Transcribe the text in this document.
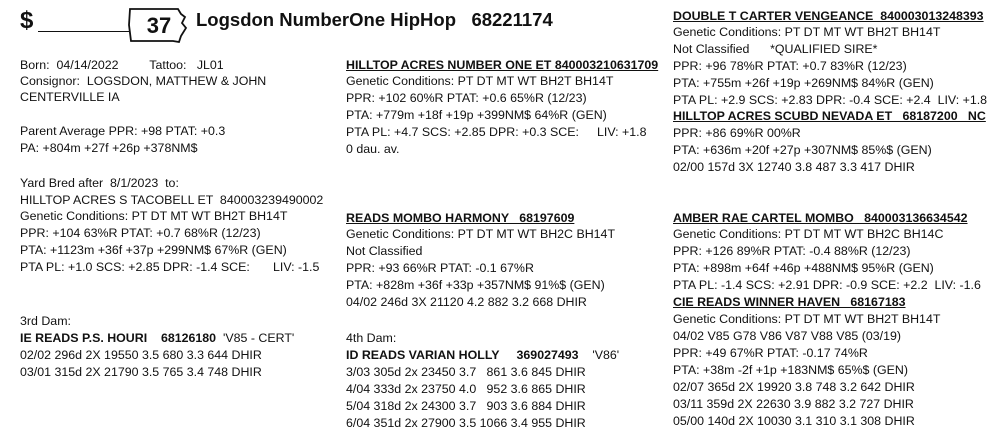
$	37	Logsdon NumberOne HipHop 68221174
Born: 04/14/2022 Tattoo: JL01
Consignor: LOGSDON, MATTHEW & JOHN
CENTERVILLE IA
Parent Average PPR: +98 PTAT: +0.3
PA: +804m +27f +26p +378NM$
Yard Bred after  8/1/2023  to:
HILLTOP ACRES S TACOBELL ET  840003239490002
Genetic Conditions: PT DT MT WT BH2T BH14T
PPR: +104 63%R PTAT: +0.7 68%R (12/23)
PTA: +1123m +36f +37p +299NM$ 67%R (GEN)
PTA PL: +1.0 SCS: +2.85 DPR: -1.4 SCE: LIV: -1.5
3rd Dam:
IE READS P.S. HOURI 68126180 'V85 - CERT'
02/02 296d 2X 19550 3.5 680 3.3 644 DHIR
03/01 315d 2X 21790 3.5 765 3.4 748 DHIR
HILLTOP ACRES NUMBER ONE ET 840003210631709
Genetic Conditions: PT DT MT WT BH2T BH14T
PPR: +102 60%R PTAT: +0.6 65%R (12/23)
PTA: +779m +18f +19p +399NM$ 64%R (GEN)
PTA PL: +4.7 SCS: +2.85 DPR: +0.3 SCE: LIV: +1.8
0 dau. av.
READS MOMBO HARMONY   68197609
Genetic Conditions: PT DT MT WT BH2C BH14T
Not Classified
PPR: +93 66%R PTAT: -0.1 67%R
PTA: +828m +36f +33p +357NM$ 91%$ (GEN)
04/02 246d 3X 21120 4.2 882 3.2 668 DHIR
4th Dam:
ID READS VARIAN HOLLY 369027493 'V86'
3/03 305d 2x 23450 3.7   861 3.6 845 DHIR
4/04 333d 2x 23750 4.0   952 3.6 865 DHIR
5/04 318d 2x 24300 3.7   903 3.6 884 DHIR
6/04 351d 2x 27900 3.5 1066 3.4 955 DHIR
DOUBLE T CARTER VENGEANCE  840003013248393
Genetic Conditions: PT DT MT WT BH2T BH14T
Not Classified      *QUALIFIED SIRE*
PPR: +96 78%R PTAT: +0.7 83%R (12/23)
PTA: +755m +26f +19p +269NM$ 84%R (GEN)
PTA PL: +2.9 SCS: +2.83 DPR: -0.4 SCE: +2.4  LIV: +1.8
HILLTOP ACRES SCUBD NEVADA ET   68187200   NC
PPR: +86 69%R 00%R
PTA: +636m +20f +27p +307NM$ 85%$ (GEN)
02/00 157d 3X 12740 3.8 487 3.3 417 DHIR
AMBER RAE CARTEL MOMBO   840003136634542
Genetic Conditions: PT DT MT WT BH2C BH14C
PPR: +126 89%R PTAT: -0.4 88%R (12/23)
PTA: +898m +64f +46p +488NM$ 95%R (GEN)
PTA PL: -1.4 SCS: +2.91 DPR: -0.9 SCE: +2.2  LIV: -1.6
CIE READS WINNER HAVEN   68167183
Genetic Conditions: PT DT MT WT BH2T BH14T
04/02 V85 G78 V86 V87 V88 V85 (03/19)
PPR: +49 67%R PTAT: -0.17 74%R
PTA: +38m -2f +1p +183NM$ 65%$ (GEN)
02/07 365d 2X 19920 3.8 748 3.2 642 DHIR
03/11 359d 2X 22630 3.9 882 3.2 727 DHIR
05/00 140d 2X 10030 3.1 310 3.1 308 DHIR
